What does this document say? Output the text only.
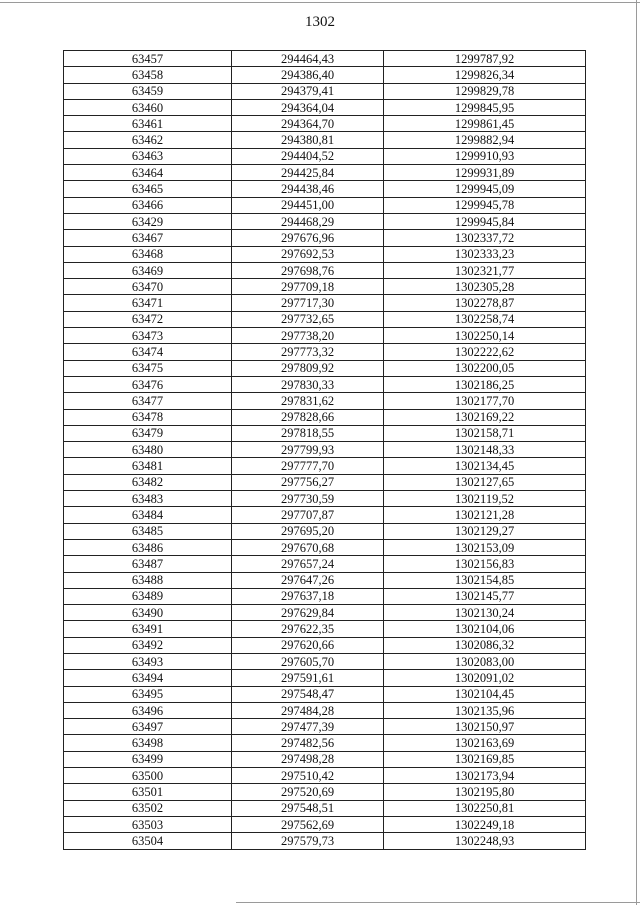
1302
63457	294464,43	1299787,92
63458	294386,40	1299826,34
63459	294379,41	1299829,78
63460	294364,04	1299845,95
63461	294364,70	1299861,45
63462	294380,81	1299882,94
63463	294404,52	1299910,93
63464	294425,84	1299931,89
63465	294438,46	1299945,09
63466	294451,00	1299945,78
63429	294468,29	1299945,84
63467	297676,96	1302337,72
63468	297692,53	1302333,23
63469	297698,76	1302321,77
63470	297709,18	1302305,28
63471	297717,30	1302278,87
63472	297732,65	1302258,74
63473	297738,20	1302250,14
63474	297773,32	1302222,62
63475	297809,92	1302200,05
63476	297830,33	1302186,25
63477	297831,62	1302177,70
63478	297828,66	1302169,22
63479	297818,55	1302158,71
63480	297799,93	1302148,33
63481	297777,70	1302134,45
63482	297756,27	1302127,65
63483	297730,59	1302119,52
63484	297707,87	1302121,28
63485	297695,20	1302129,27
63486	297670,68	1302153,09
63487	297657,24	1302156,83
63488	297647,26	1302154,85
63489	297637,18	1302145,77
63490	297629,84	1302130,24
63491	297622,35	1302104,06
63492	297620,66	1302086,32
63493	297605,70	1302083,00
63494	297591,61	1302091,02
63495	297548,47	1302104,45
63496	297484,28	1302135,96
63497	297477,39	1302150,97
63498	297482,56	1302163,69
63499	297498,28	1302169,85
63500	297510,42	1302173,94
63501	297520,69	1302195,80
63502	297548,51	1302250,81
63503	297562,69	1302249,18
63504	297579,73	1302248,93
